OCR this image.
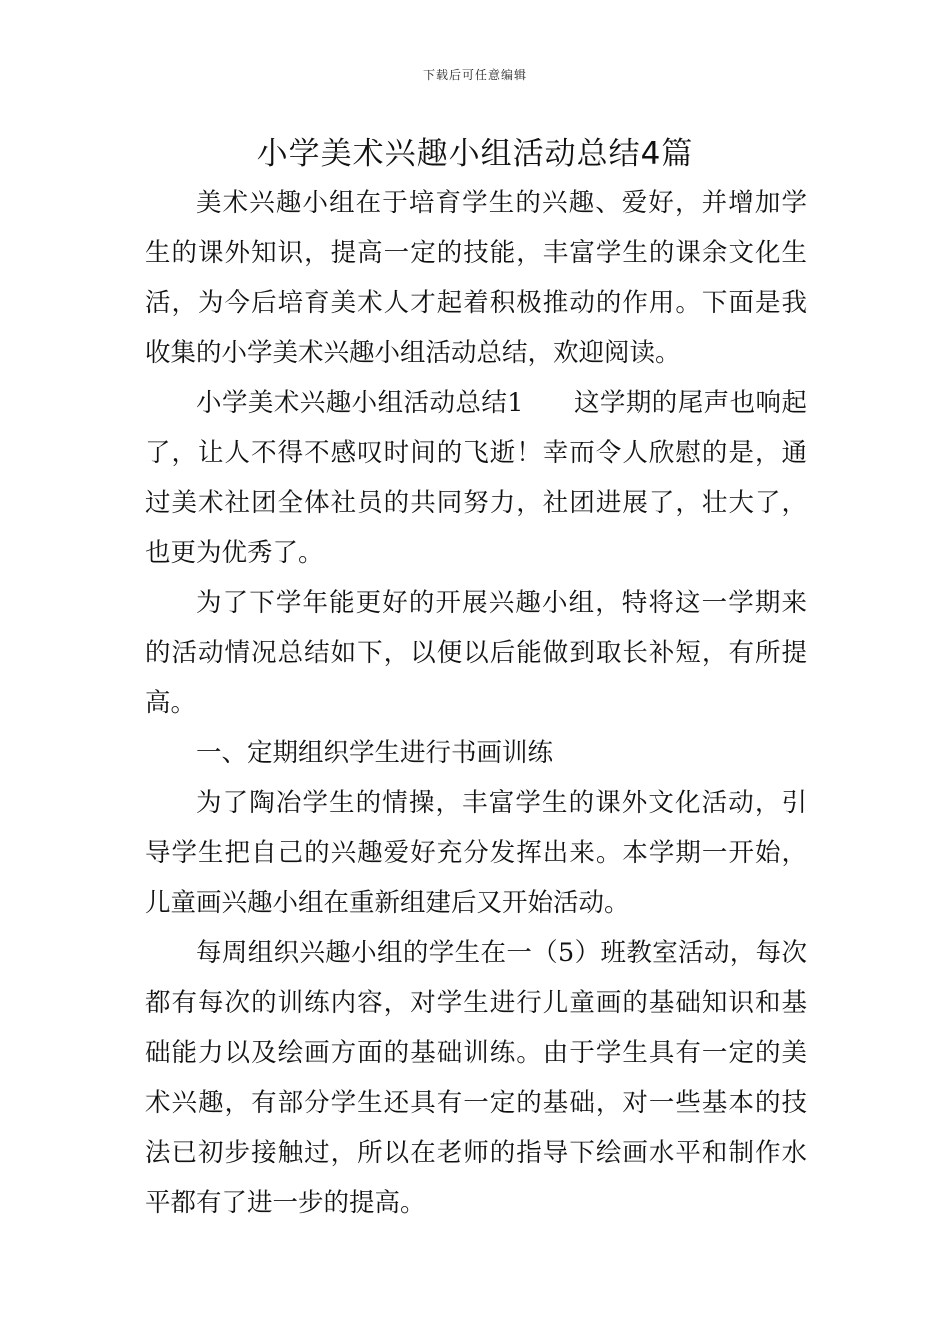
下载后可任意编辑
小学美术兴趣小组活动总结4篇

美术兴趣小组在于培育学生的兴趣、爱好，并增加学生的课外知识，提高一定的技能，丰富学生的课余文化生活，为今后培育美术人才起着积极推动的作用。下面是我收集的小学美术兴趣小组活动总结，欢迎阅读。

小学美术兴趣小组活动总结1 这学期的尾声也响起了，让人不得不感叹时间的飞逝！幸而令人欣慰的是，通过美术社团全体社员的共同努力，社团进展了，壮大了，也更为优秀了。

为了下学年能更好的开展兴趣小组，特将这一学期来的活动情况总结如下，以便以后能做到取长补短，有所提高。

一、定期组织学生进行书画训练

为了陶冶学生的情操，丰富学生的课外文化活动，引导学生把自己的兴趣爱好充分发挥出来。本学期一开始，儿童画兴趣小组在重新组建后又开始活动。

每周组织兴趣小组的学生在一（5）班教室活动，每次都有每次的训练内容，对学生进行儿童画的基础知识和基础能力以及绘画方面的基础训练。由于学生具有一定的美术兴趣，有部分学生还具有一定的基础，对一些基本的技法已初步接触过，所以在老师的指导下绘画水平和制作水平都有了进一步的提高。
